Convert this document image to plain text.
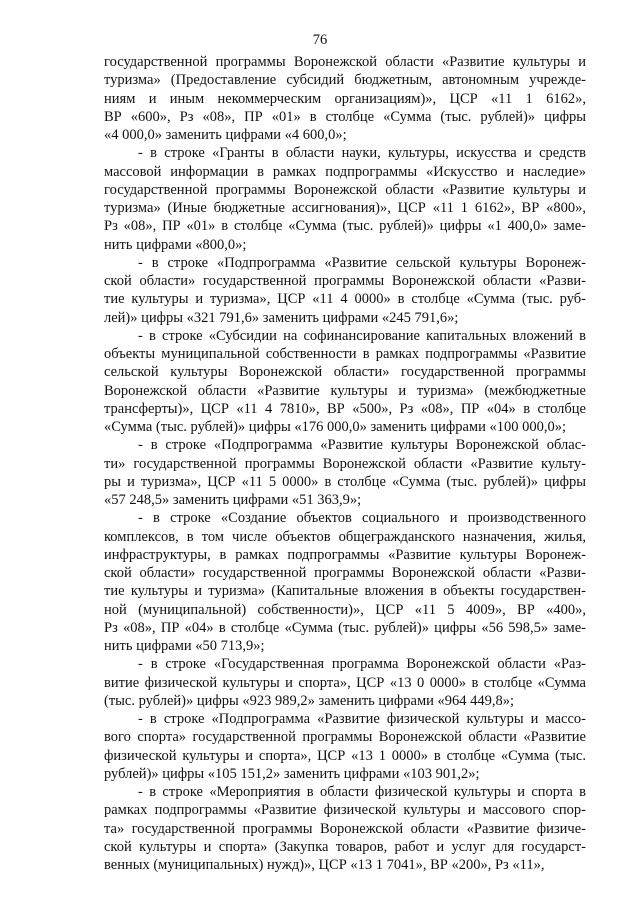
76

государственной программы Воронежской области «Развитие культуры и
туризма» (Предоставление субсидий бюджетным, автономным учрежде-
ниям и иным некоммерческим организациям)», ЦСР «11 1 6162»,
ВР «600», Рз «08», ПР «01» в столбце «Сумма (тыс. рублей)» цифры
«4 000,0» заменить цифрами «4 600,0»;

- в строке «Гранты в области науки, культуры, искусства и средств
массовой информации в рамках подпрограммы «Искусство и наследие»
государственной программы Воронежской области «Развитие культуры и
туризма» (Иные бюджетные ассигнования)», ЦСР «11 1 6162», ВР «800»,
Рз «08», ПР «01» в столбце «Сумма (тыс. рублей)» цифры «1 400,0» заме-
нить цифрами «800,0»;

- в строке «Подпрограмма «Развитие сельской культуры Воронеж-
ской области» государственной программы Воронежской области «Разви-
тие культуры и туризма», ЦСР «11 4 0000» в столбце «Сумма (тыс. руб-
лей)» цифры «321 791,6» заменить цифрами «245 791,6»;

- в строке «Субсидии на софинансирование капитальных вложений в
объекты муниципальной собственности в рамках подпрограммы «Развитие
сельской культуры Воронежской области» государственной программы
Воронежской области «Развитие культуры и туризма» (межбюджетные
трансферты)», ЦСР «11 4 7810», ВР «500», Рз «08», ПР «04» в столбце
«Сумма (тыс. рублей)» цифры «176 000,0» заменить цифрами «100 000,0»;

- в строке «Подпрограмма «Развитие культуры Воронежской облас-
ти» государственной программы Воронежской области «Развитие культу-
ры и туризма», ЦСР «11 5 0000» в столбце «Сумма (тыс. рублей)» цифры
«57 248,5» заменить цифрами «51 363,9»;

- в строке «Создание объектов социального и производственного
комплексов, в том числе объектов общегражданского назначения, жилья,
инфраструктуры, в рамках подпрограммы «Развитие культуры Воронеж-
ской области» государственной программы Воронежской области «Разви-
тие культуры и туризма» (Капитальные вложения в объекты государствен-
ной (муниципальной) собственности)», ЦСР «11 5 4009», ВР «400»,
Рз «08», ПР «04» в столбце «Сумма (тыс. рублей)» цифры «56 598,5» заме-
нить цифрами «50 713,9»;

- в строке «Государственная программа Воронежской области «Раз-
витие физической культуры и спорта», ЦСР «13 0 0000» в столбце «Сумма
(тыс. рублей)» цифры «923 989,2» заменить цифрами «964 449,8»;

- в строке «Подпрограмма «Развитие физической культуры и массо-
вого спорта» государственной программы Воронежской области «Развитие
физической культуры и спорта», ЦСР «13 1 0000» в столбце «Сумма (тыс.
рублей)» цифры «105 151,2» заменить цифрами «103 901,2»;

- в строке «Мероприятия в области физической культуры и спорта в
рамках подпрограммы «Развитие физической культуры и массового спор-
та» государственной программы Воронежской области «Развитие физиче-
ской культуры и спорта» (Закупка товаров, работ и услуг для государст-
венных (муниципальных) нужд)», ЦСР «13 1 7041», ВР «200», Рз «11»,
